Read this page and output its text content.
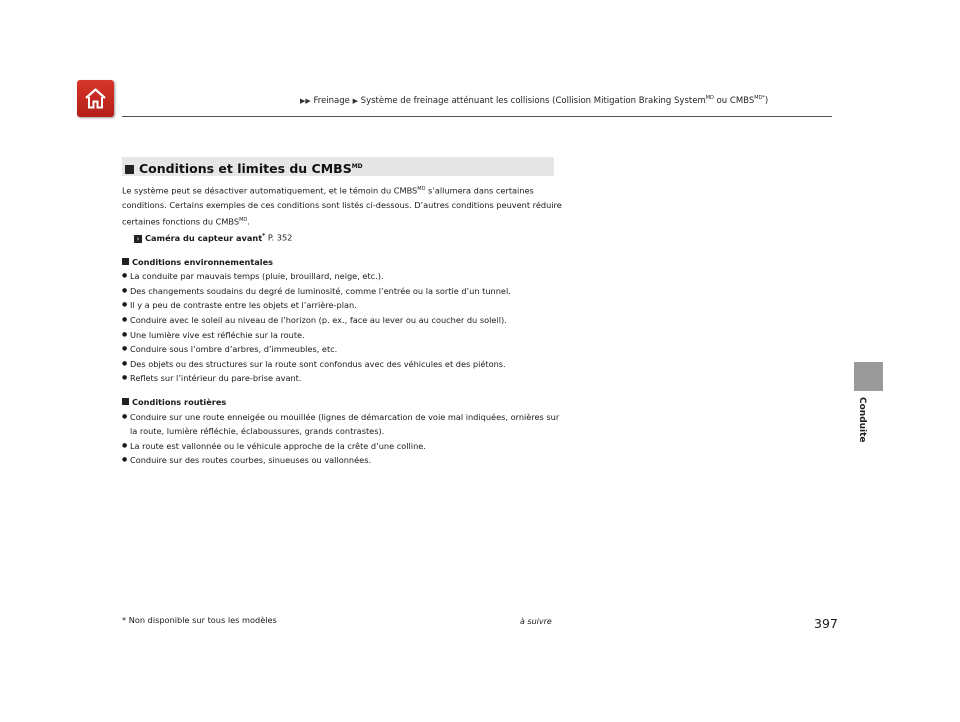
▶▶ Freinage ▶ Système de freinage atténuant les collisions (Collision Mitigation Braking System$^{MD}$ ou $CMBS^{MD*}$)
Conduite
Conditions et limites du $CMBS^{MD}$

Le système peut se désactiver automatiquement, et le témoin du $CMBS^{MD}$ s’allumera dans certaines conditions. Certains exemples de ces conditions sont listés ci-dessous. D’autres conditions peuvent réduire certaines fonctions du $CMBS^{MD}$.

› Caméra du capteur avant* P. 352
Conditions environnementales
● La conduite par mauvais temps (pluie, brouillard, neige, etc.).
● Des changements soudains du degré de luminosité, comme l’entrée ou la sortie d’un tunnel.
● Il y a peu de contraste entre les objets et l’arrière-plan.
● Conduire avec le soleil au niveau de l’horizon (p. ex., face au lever ou au coucher du soleil).
● Une lumière vive est réfléchie sur la route.
● Conduire sous l’ombre d’arbres, d’immeubles, etc.
● Des objets ou des structures sur la route sont confondus avec des véhicules et des piétons.
● Reflets sur l’intérieur du pare-brise avant.
Conditions routières
● Conduire sur une route enneigée ou mouillée (lignes de démarcation de voie mal indiquées, ornières sur la route, lumière réfléchie, éclaboussures, grands contrastes).
● La route est vallonnée ou le véhicule approche de la crête d’une colline.
● Conduire sur des routes courbes, sinueuses ou vallonnées.
* Non disponible sur tous les modèles	à suivre	397
